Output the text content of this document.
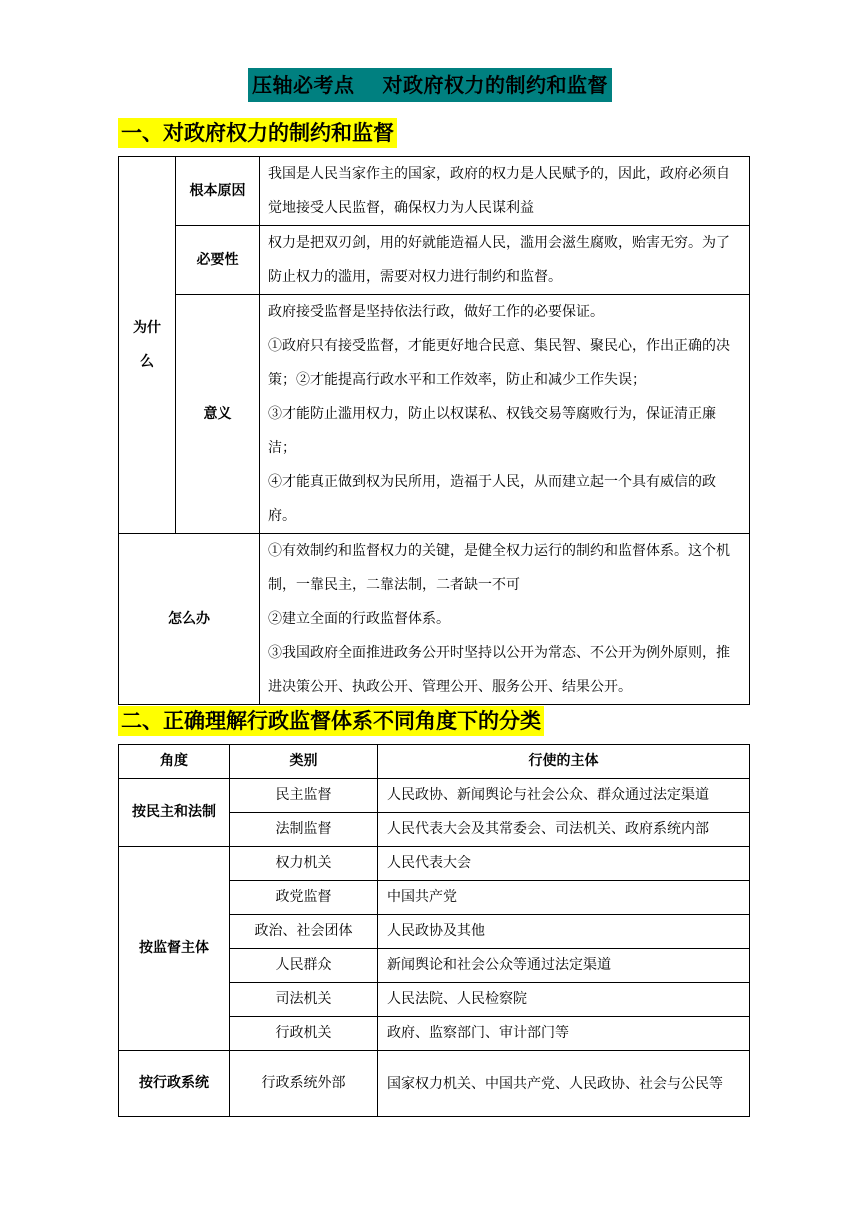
压轴必考点　 对政府权力的制约和监督
一、对政府权力的制约和监督
为什
么	根本原因	我国是人民当家作主的国家，政府的权力是人民赋予的，因此，政府必须自觉地接受人民监督，确保权力为人民谋利益
	必要性	权力是把双刃剑，用的好就能造福人民，滥用会滋生腐败，贻害无穷。为了防止权力的滥用，需要对权力进行制约和监督。
	意义	政府接受监督是坚持依法行政，做好工作的必要保证。
①政府只有接受监督，才能更好地合民意、集民智、聚民心，作出正确的决策；②才能提高行政水平和工作效率，防止和减少工作失误；
③才能防止滥用权力，防止以权谋私、权钱交易等腐败行为，保证清正廉洁；
④才能真正做到权为民所用，造福于人民，从而建立起一个具有威信的政府。

怎么办		①有效制约和监督权力的关键，是健全权力运行的制约和监督体系。这个机制，一靠民主，二靠法制，二者缺一不可
②建立全面的行政监督体系。
③我国政府全面推进政务公开时坚持以公开为常态、不公开为例外原则，推进决策公开、执政公开、管理公开、服务公开、结果公开。
二、正确理解行政监督体系不同角度下的分类
角度	类别	行使的主体
按民主和法制	民主监督	人民政协、新闻舆论与社会公众、群众通过法定渠道
	法制监督	人民代表大会及其常委会、司法机关、政府系统内部
按监督主体	权力机关	人民代表大会
	政党监督	中国共产党
	政治、社会团体	人民政协及其他
	人民群众	新闻舆论和社会公众等通过法定渠道
	司法机关	人民法院、人民检察院
	行政机关	政府、监察部门、审计部门等
按行政系统	行政系统外部	国家权力机关、中国共产党、人民政协、社会与公民等
